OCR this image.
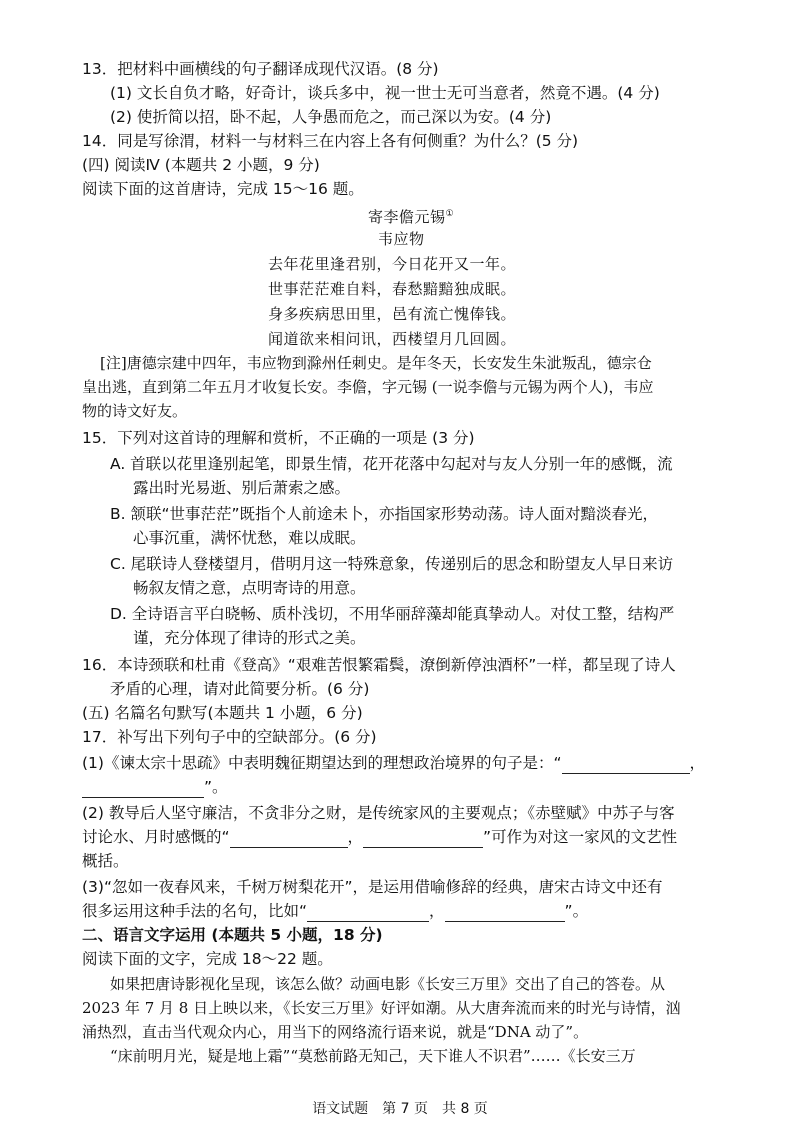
13．把材料中画横线的句子翻译成现代汉语。(8 分)
(1) 文长自负才略，好奇计，谈兵多中，视一世士无可当意者，然竟不遇。(4 分)
(2) 使折简以招，卧不起，人争愚而危之，而己深以为安。(4 分)
14．同是写徐渭，材料一与材料三在内容上各有何侧重？为什么？(5 分)
(四) 阅读Ⅳ (本题共 2 小题，9 分)
阅读下面的这首唐诗，完成 15～16 题。
寄李儋元锡①
韦应物
去年花里逢君别，今日花开又一年。
世事茫茫难自料，春愁黯黯独成眠。
身多疾病思田里，邑有流亡愧俸钱。
闻道欲来相问讯，西楼望月几回圆。
[注]唐德宗建中四年，韦应物到滁州任刺史。是年冬天，长安发生朱泚叛乱，德宗仓
皇出逃，直到第二年五月才收复长安。李儋，字元锡 (一说李儋与元锡为两个人)，韦应
物的诗文好友。
15．下列对这首诗的理解和赏析，不正确的一项是 (3 分)
A. 首联以花里逢别起笔，即景生情，花开花落中勾起对与友人分别一年的感慨，流
露出时光易逝、别后萧索之感。
B. 颔联“世事茫茫”既指个人前途未卜，亦指国家形势动荡。诗人面对黯淡春光，
心事沉重，满怀忧愁，难以成眠。
C. 尾联诗人登楼望月，借明月这一特殊意象，传递别后的思念和盼望友人早日来访
畅叙友情之意，点明寄诗的用意。
D. 全诗语言平白晓畅、质朴浅切，不用华丽辞藻却能真挚动人。对仗工整，结构严
谨，充分体现了律诗的形式之美。
16．本诗颈联和杜甫《登高》“艰难苦恨繁霜鬓，潦倒新停浊酒杯”一样，都呈现了诗人
矛盾的心理，请对此简要分析。(6 分)
(五) 名篇名句默写(本题共 1 小题，6 分)
17．补写出下列句子中的空缺部分。(6 分)
(1)《谏太宗十思疏》中表明魏征期望达到的理想政治境界的句子是：“	，
”。
(2) 教导后人坚守廉洁，不贪非分之财，是传统家风的主要观点；《赤壁赋》中苏子与客
讨论水、月时感慨的“	，	”可作为对这一家风的文艺性
概括。
(3)“忽如一夜春风来，千树万树梨花开”，是运用借喻修辞的经典，唐宋古诗文中还有
很多运用这种手法的名句，比如“	，	”。
二、语言文字运用 (本题共 5 小题，18 分)
阅读下面的文字，完成 18～22 题。
如果把唐诗影视化呈现，该怎么做？动画电影《长安三万里》交出了自己的答卷。从
2023 年 7 月 8 日上映以来，《长安三万里》好评如潮。从大唐奔流而来的时光与诗情，汹
涌热烈，直击当代观众内心，用当下的网络流行语来说，就是“DNA 动了”。
“床前明月光，疑是地上霜”“莫愁前路无知己，天下谁人不识君”……《长安三万
语文试题　第 7 页　共 8 页
